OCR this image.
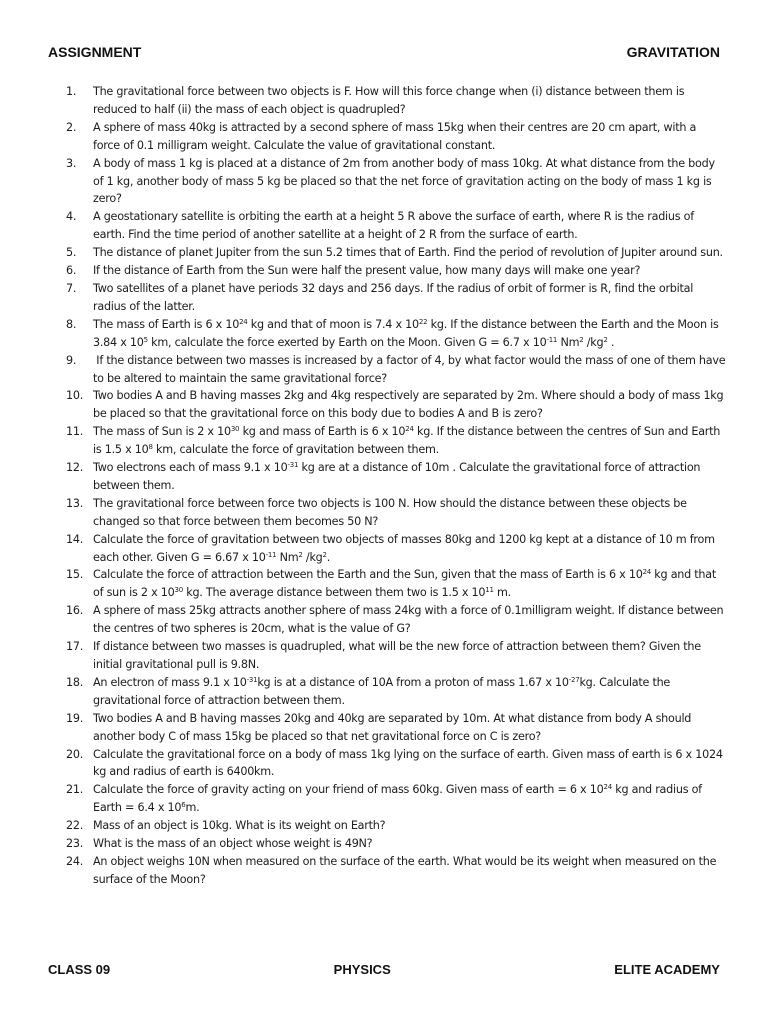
ASSIGNMENT	GRAVITATION
1.	The gravitational force between two objects is F. How will this force change when (i) distance between them is reduced to half (ii) the mass of each object is quadrupled?
2.	A sphere of mass 40kg is attracted by a second sphere of mass 15kg when their centres are 20 cm apart, with a force of 0.1 milligram weight. Calculate the value of gravitational constant.
3.	A body of mass 1 kg is placed at a distance of 2m from another body of mass 10kg. At what distance from the body of 1 kg, another body of mass 5 kg be placed so that the net force of gravitation acting on the body of mass 1 kg is zero?
4.	A geostationary satellite is orbiting the earth at a height 5 R above the surface of earth, where R is the radius of earth. Find the time period of another satellite at a height of 2 R from the surface of earth.
5.	The distance of planet Jupiter from the sun 5.2 times that of Earth. Find the period of revolution of Jupiter around sun.
6.	If the distance of Earth from the Sun were half the present value, how many days will make one year?
7.	Two satellites of a planet have periods 32 days and 256 days. If the radius of orbit of former is R, find the orbital radius of the latter.
8.	The mass of Earth is 6 x $10^{24}$ kg and that of moon is 7.4 x $10^{22}$ kg. If the distance between the Earth and the Moon is 3.84 x $10^5$ km, calculate the force exerted by Earth on the Moon. Given G = 6.7 x $10^{-11}$ Nm$^2$ $/kg^2$ .
9.	If the distance between two masses is increased by a factor of 4, by what factor would the mass of one of them have to be altered to maintain the same gravitational force?
10. Two bodies A and B having masses 2kg and 4kg respectively are separated by 2m. Where should a body of mass 1kg be placed so that the gravitational force on this body due to bodies A and B is zero?
11. The mass of Sun is 2 x $10^{30}$ kg and mass of Earth is 6 x $10^{24}$ kg. If the distance between the centres of Sun and Earth is 1.5 x $10^8$ km, calculate the force of gravitation between them.
12. Two electrons each of mass 9.1 x $10^{-31}$ kg are at a distance of 10m . Calculate the gravitational force of attraction between them.
13. The gravitational force between force two objects is 100 N. How should the distance between these objects be changed so that force between them becomes 50 N?
14. Calculate the force of gravitation between two objects of masses 80kg and 1200 kg kept at a distance of 10 m from each other. Given G = 6.67 x $10^{-11}$ Nm$^2$ $/kg^2$.
15. Calculate the force of attraction between the Earth and the Sun, given that the mass of Earth is 6 x $10^{24}$ kg and that of sun is 2 x $10^{30}$ kg. The average distance between them two is 1.5 x $10^{11}$ m.
16. A sphere of mass 25kg attracts another sphere of mass 24kg with a force of 0.1milligram weight. If distance between the centres of two spheres is 20cm, what is the value of G?
17. If distance between two masses is quadrupled, what will be the new force of attraction between them? Given the initial gravitational pull is 9.8N.
18. An electron of mass 9.1 x $10^{-31}kg$ is at a distance of 10A from a proton of mass 1.67 x $10^{-27}kg$. Calculate the gravitational force of attraction between them.
19. Two bodies A and B having masses 20kg and 40kg are separated by 10m. At what distance from body A should another body C of mass 15kg be placed so that net gravitational force on C is zero?
20. Calculate the gravitational force on a body of mass 1kg lying on the surface of earth. Given mass of earth is 6 x 1024 kg and radius of earth is 6400km.
21. Calculate the force of gravity acting on your friend of mass 60kg. Given mass of earth = 6 x $10^{24}$ kg and radius of Earth = 6.4 x $10^6m$.
22. Mass of an object is 10kg. What is its weight on Earth?
23. What is the mass of an object whose weight is 49N?
24. An object weighs 10N when measured on the surface of the earth. What would be its weight when measured on the surface of the Moon?
CLASS 09	PHYSICS	ELITE ACADEMY
